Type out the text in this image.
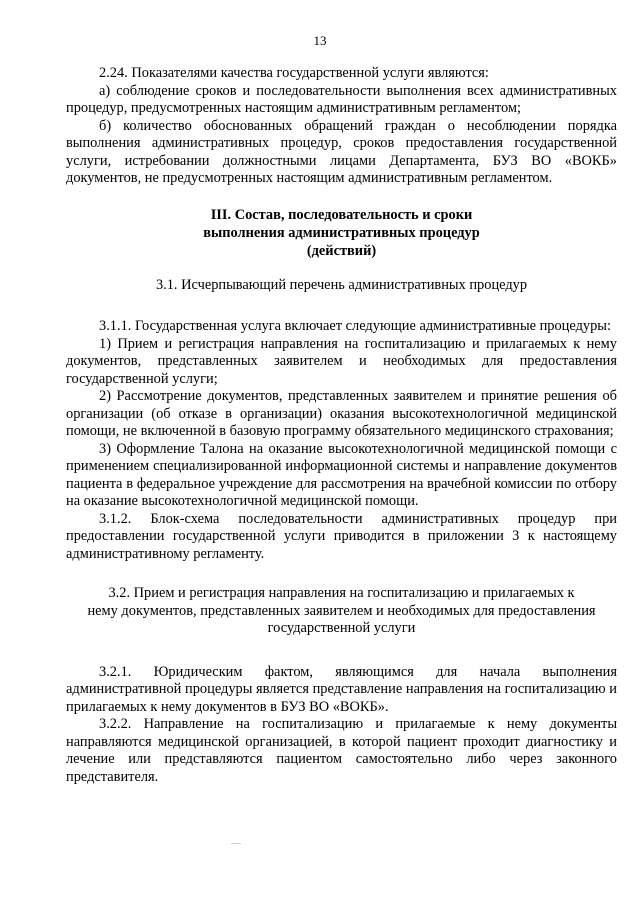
13

2.24. Показателями качества государственной услуги являются:

а) соблюдение сроков и последовательности выполнения всех административных процедур, предусмотренных настоящим административным регламентом;

б) количество обоснованных обращений граждан о несоблюдении порядка выполнения административных процедур, сроков предоставления государственной услуги, истребовании должностными лицами Департамента, БУЗ ВО «ВОКБ» документов, не предусмотренных настоящим административным регламентом.

III. Состав, последовательность и сроки
выполнения административных процедур
(действий)
3.1. Исчерпывающий перечень административных процедур

3.1.1. Государственная услуга включает следующие административные процедуры:

1) Прием и регистрация направления на госпитализацию и прилагаемых к нему документов, представленных заявителем и необходимых для предоставления государственной услуги;

2) Рассмотрение документов, представленных заявителем и принятие решения об организации (об отказе в организации) оказания высокотехнологичной медицинской помощи, не включенной в базовую программу обязательного медицинского страхования;

3) Оформление Талона на оказание высокотехнологичной медицинской помощи с применением специализированной информационной системы и направление документов пациента в федеральное учреждение для рассмотрения на врачебной комиссии по отбору на оказание высокотехнологичной медицинской помощи.

3.1.2. Блок-схема последовательности административных процедур при предоставлении государственной услуги приводится в приложении 3 к настоящему административному регламенту.

3.2. Прием и регистрация направления на госпитализацию и прилагаемых к
нему документов, представленных заявителем и необходимых для предоставления
государственной услуги

3.2.1. Юридическим фактом, являющимся для начала выполнения административной процедуры является представление направления на госпитализацию и прилагаемых к нему документов в БУЗ ВО «ВОКБ».

3.2.2. Направление на госпитализацию и прилагаемые к нему документы направляются медицинской организацией, в которой пациент проходит диагностику и лечение или представляются пациентом самостоятельно либо через законного представителя.
